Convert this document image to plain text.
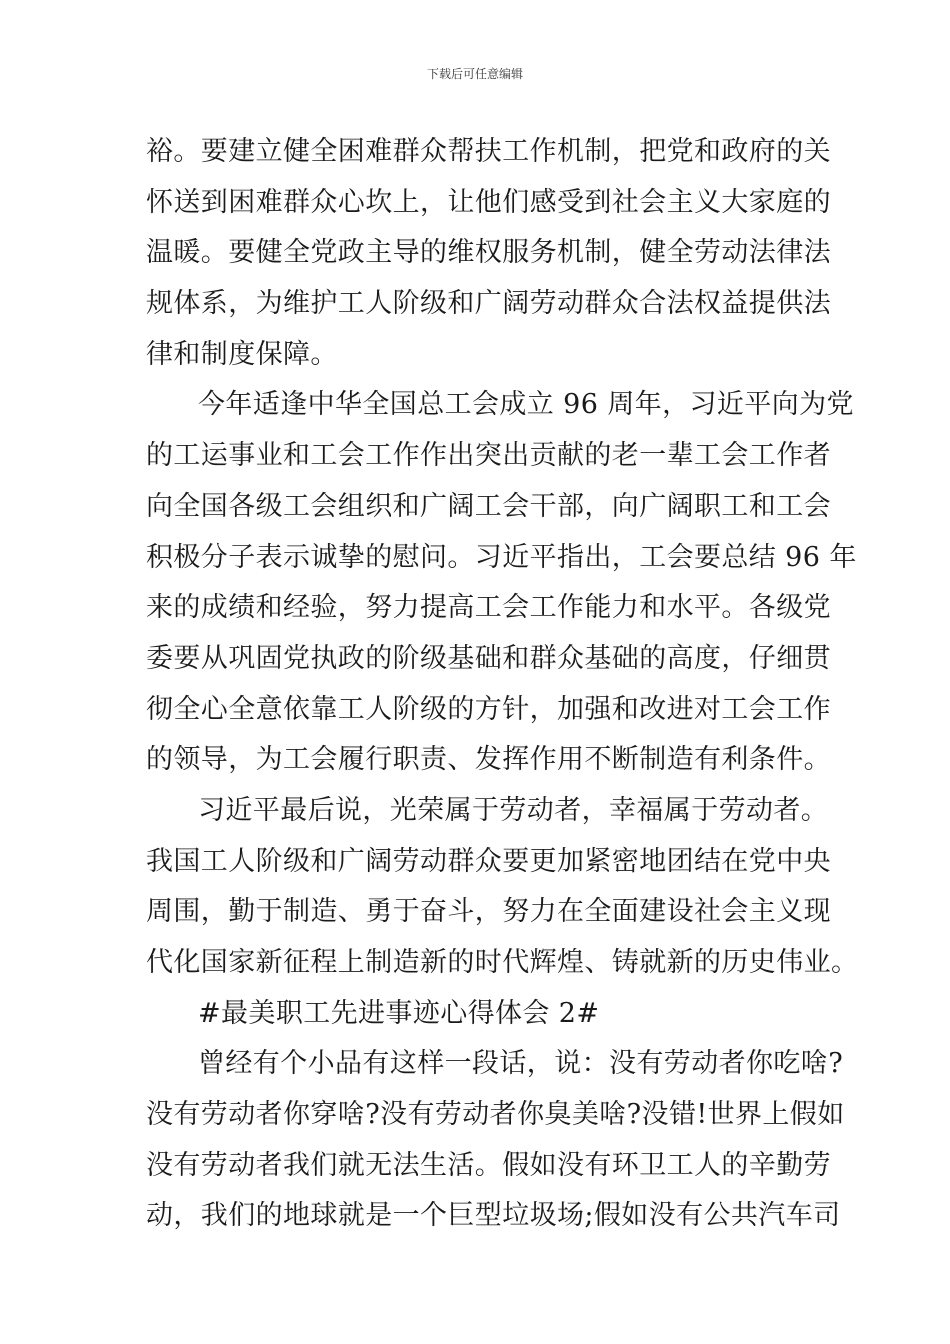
下载后可任意编辑
裕。要建立健全困难群众帮扶工作机制，把党和政府的关
怀送到困难群众心坎上，让他们感受到社会主义大家庭的
温暖。要健全党政主导的维权服务机制，健全劳动法律法
规体系，为维护工人阶级和广阔劳动群众合法权益提供法
律和制度保障。
今年适逢中华全国总工会成立 96 周年，习近平向为党
的工运事业和工会工作作出突出贡献的老一辈工会工作者
向全国各级工会组织和广阔工会干部，向广阔职工和工会
积极分子表示诚挚的慰问。习近平指出，工会要总结 96 年
来的成绩和经验，努力提高工会工作能力和水平。各级党
委要从巩固党执政的阶级基础和群众基础的高度，仔细贯
彻全心全意依靠工人阶级的方针，加强和改进对工会工作
的领导，为工会履行职责、发挥作用不断制造有利条件。
习近平最后说，光荣属于劳动者，幸福属于劳动者。
我国工人阶级和广阔劳动群众要更加紧密地团结在党中央
周围，勤于制造、勇于奋斗，努力在全面建设社会主义现
代化国家新征程上制造新的时代辉煌、铸就新的历史伟业。
#最美职工先进事迹心得体会 2#
曾经有个小品有这样一段话，说：没有劳动者你吃啥?
没有劳动者你穿啥?没有劳动者你臭美啥?没错!世界上假如
没有劳动者我们就无法生活。假如没有环卫工人的辛勤劳
动，我们的地球就是一个巨型垃圾场;假如没有公共汽车司
